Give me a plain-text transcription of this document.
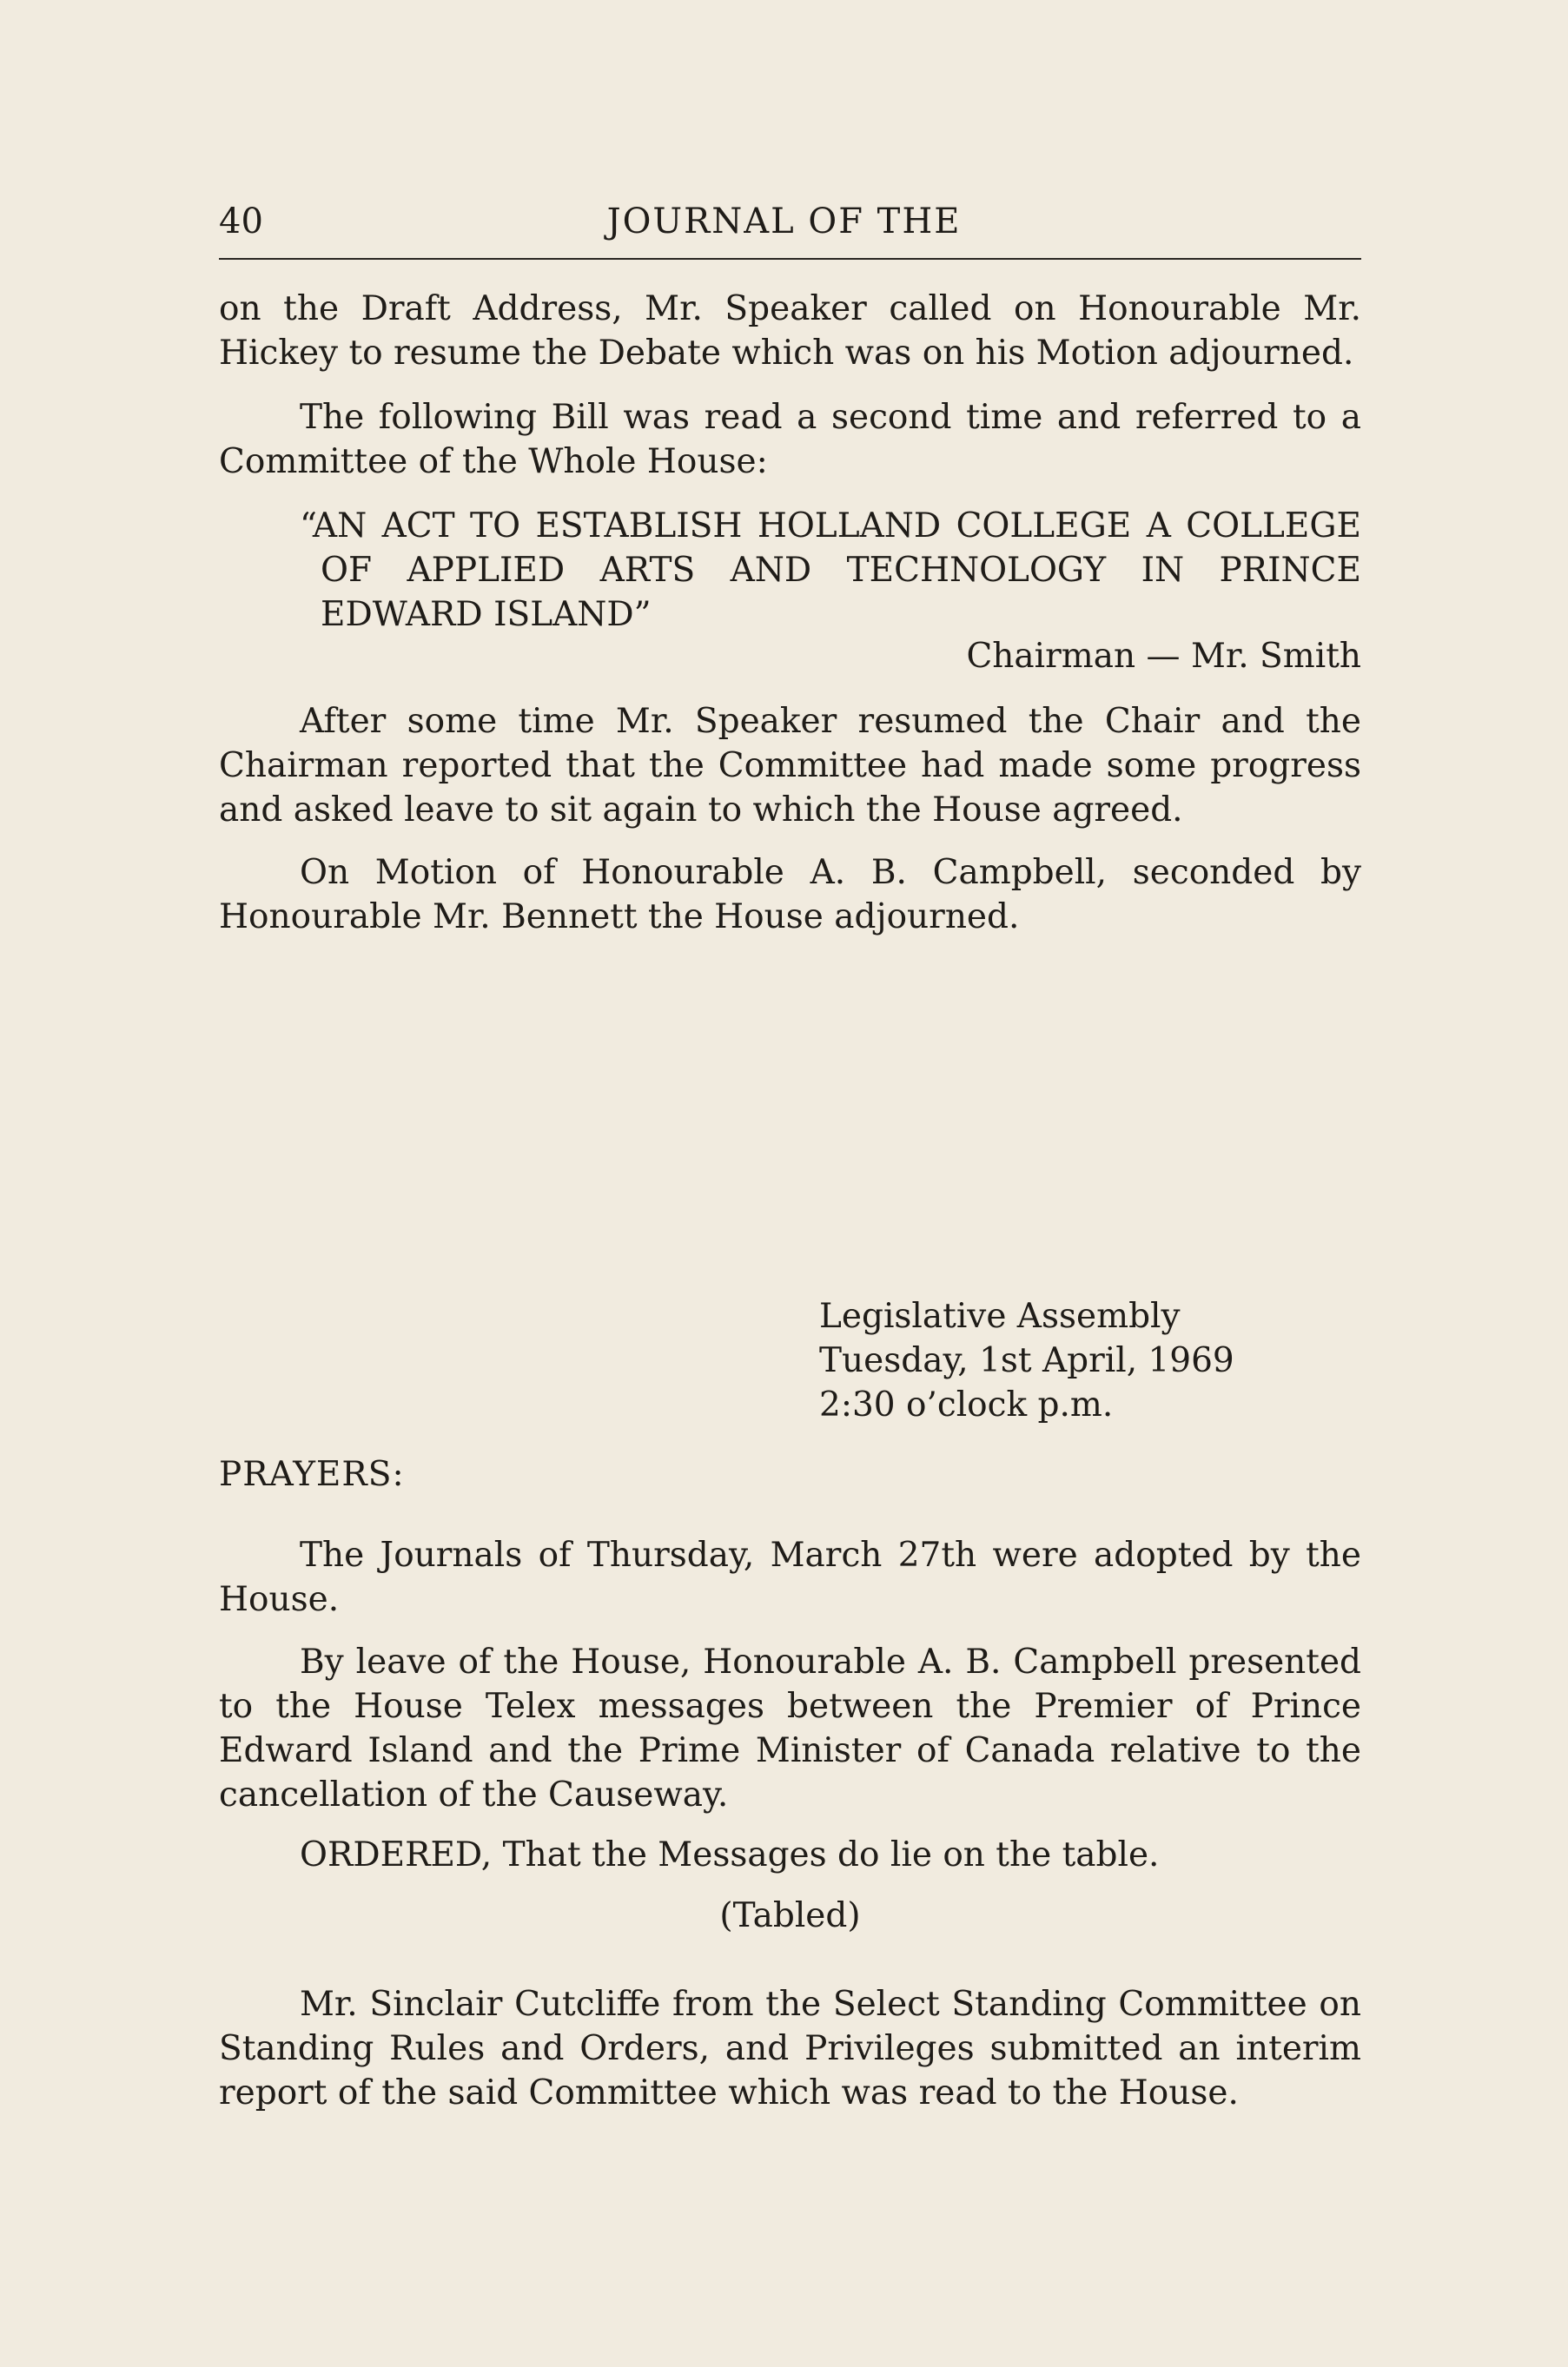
40	JOURNAL OF THE

on the Draft Address, Mr. Speaker called on Honourable Mr. Hickey to resume the Debate which was on his Motion adjourned.

The following Bill was read a second time and referred to a Committee of the Whole House:

“AN ACT TO ESTABLISH HOLLAND COLLEGE A COLLEGE OF APPLIED ARTS AND TECHNOLOGY IN PRINCE EDWARD ISLAND”

Chairman — Mr. Smith

After some time Mr. Speaker resumed the Chair and the Chairman reported that the Committee had made some progress and asked leave to sit again to which the House agreed.

On Motion of Honourable A. B. Campbell, seconded by Honourable Mr. Bennett the House adjourned.

Legislative Assembly
Tuesday, 1st April, 1969
2:30 o’clock p.m.
PRAYERS:

The Journals of Thursday, March 27th were adopted by the House.

By leave of the House, Honourable A. B. Campbell presented to the House Telex messages between the Premier of Prince Edward Island and the Prime Minister of Canada relative to the cancellation of the Causeway.

ORDERED, That the Messages do lie on the table.

(Tabled)

Mr. Sinclair Cutcliffe from the Select Standing Committee on Standing Rules and Orders, and Privileges submitted an interim report of the said Committee which was read to the House.
